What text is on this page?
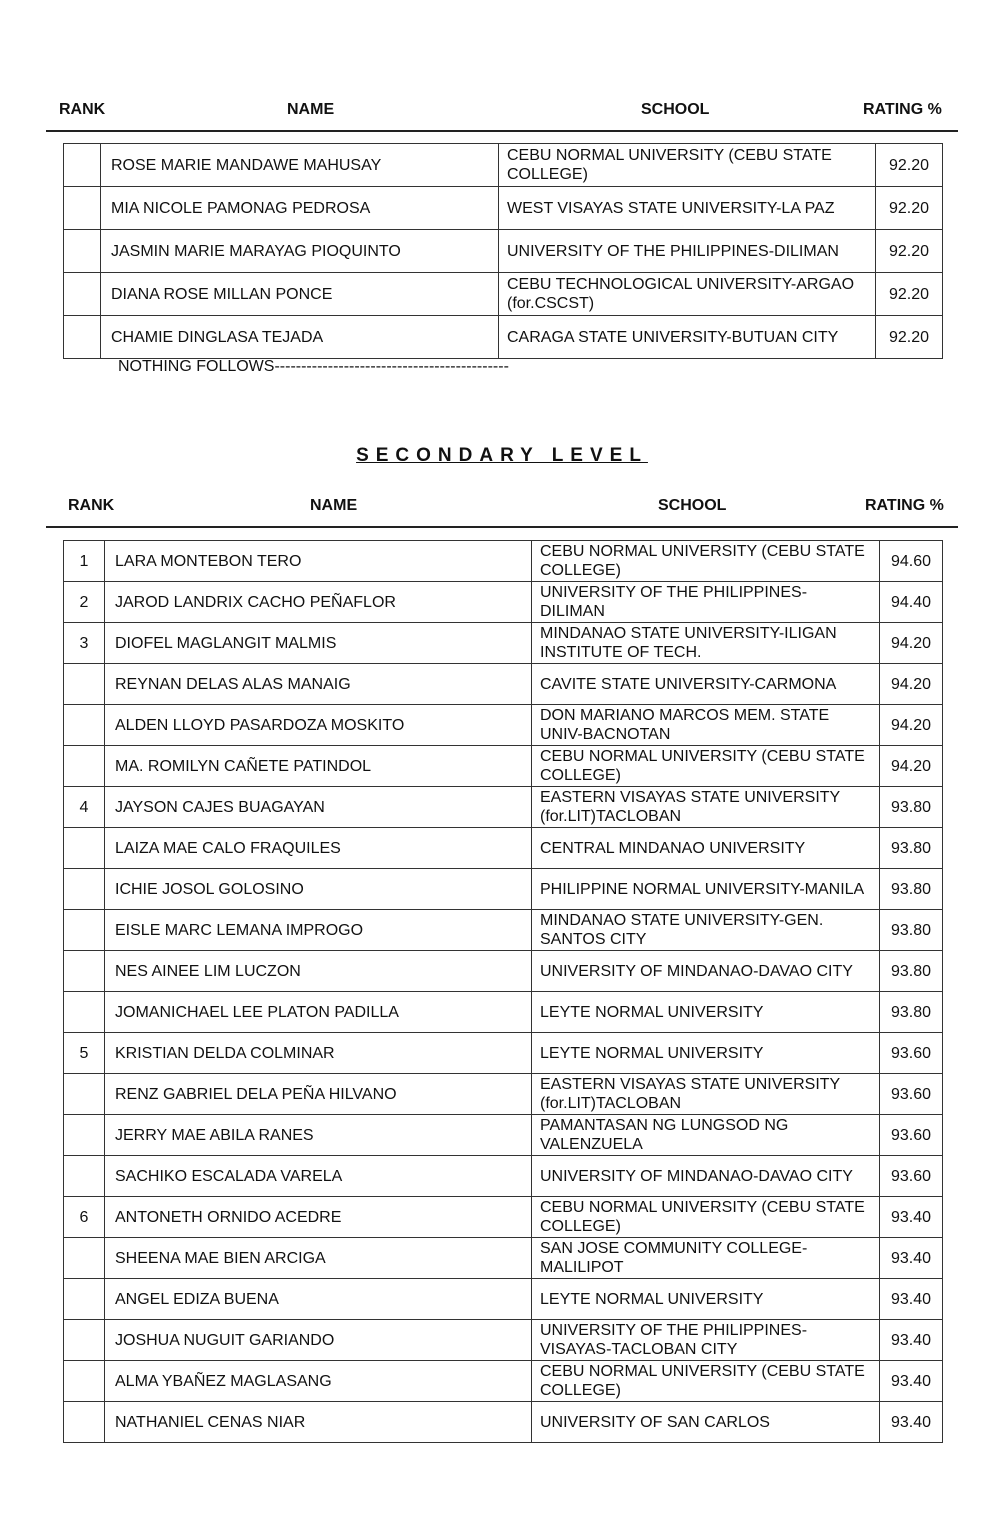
RANK	NAME	SCHOOL	RATING %
	ROSE MARIE MANDAWE MAHUSAY	CEBU NORMAL UNIVERSITY (CEBU STATE COLLEGE)	92.20
	MIA NICOLE PAMONAG PEDROSA	WEST VISAYAS STATE UNIVERSITY-LA PAZ	92.20
	JASMIN MARIE MARAYAG PIOQUINTO	UNIVERSITY OF THE PHILIPPINES-DILIMAN	92.20
	DIANA ROSE MILLAN PONCE	CEBU TECHNOLOGICAL UNIVERSITY-ARGAO (for.CSCST)	92.20
	CHAMIE DINGLASA TEJADA	CARAGA STATE UNIVERSITY-BUTUAN CITY	92.20
NOTHING FOLLOWS--------------------------------------------
SECONDARY LEVEL
RANK	NAME	SCHOOL	RATING %
1	LARA MONTEBON TERO	CEBU NORMAL UNIVERSITY (CEBU STATE COLLEGE)	94.60
2	JAROD LANDRIX CACHO PEÑAFLOR	UNIVERSITY OF THE PHILIPPINES-DILIMAN	94.40
3	DIOFEL MAGLANGIT MALMIS	MINDANAO STATE UNIVERSITY-ILIGAN INSTITUTE OF TECH.	94.20
	REYNAN DELAS ALAS MANAIG	CAVITE STATE UNIVERSITY-CARMONA	94.20
	ALDEN LLOYD PASARDOZA MOSKITO	DON MARIANO MARCOS MEM. STATE UNIV-BACNOTAN	94.20
	MA. ROMILYN CAÑETE PATINDOL	CEBU NORMAL UNIVERSITY (CEBU STATE COLLEGE)	94.20
4	JAYSON CAJES BUAGAYAN	EASTERN VISAYAS STATE UNIVERSITY (for.LIT)TACLOBAN	93.80
	LAIZA MAE CALO FRAQUILES	CENTRAL MINDANAO UNIVERSITY	93.80
	ICHIE JOSOL GOLOSINO	PHILIPPINE NORMAL UNIVERSITY-MANILA	93.80
	EISLE MARC LEMANA IMPROGO	MINDANAO STATE UNIVERSITY-GEN. SANTOS CITY	93.80
	NES AINEE LIM LUCZON	UNIVERSITY OF MINDANAO-DAVAO CITY	93.80
	JOMANICHAEL LEE PLATON PADILLA	LEYTE NORMAL UNIVERSITY	93.80
5	KRISTIAN DELDA COLMINAR	LEYTE NORMAL UNIVERSITY	93.60
	RENZ GABRIEL DELA PEÑA HILVANO	EASTERN VISAYAS STATE UNIVERSITY (for.LIT)TACLOBAN	93.60
	JERRY MAE ABILA RANES	PAMANTASAN NG LUNGSOD NG VALENZUELA	93.60
	SACHIKO ESCALADA VARELA	UNIVERSITY OF MINDANAO-DAVAO CITY	93.60
6	ANTONETH ORNIDO ACEDRE	CEBU NORMAL UNIVERSITY (CEBU STATE COLLEGE)	93.40
	SHEENA MAE BIEN ARCIGA	SAN JOSE COMMUNITY COLLEGE-MALILIPOT	93.40
	ANGEL EDIZA BUENA	LEYTE NORMAL UNIVERSITY	93.40
	JOSHUA NUGUIT GARIANDO	UNIVERSITY OF THE PHILIPPINES-VISAYAS-TACLOBAN CITY	93.40
	ALMA YBAÑEZ MAGLASANG	CEBU NORMAL UNIVERSITY (CEBU STATE COLLEGE)	93.40
	NATHANIEL CENAS NIAR	UNIVERSITY OF SAN CARLOS	93.40
